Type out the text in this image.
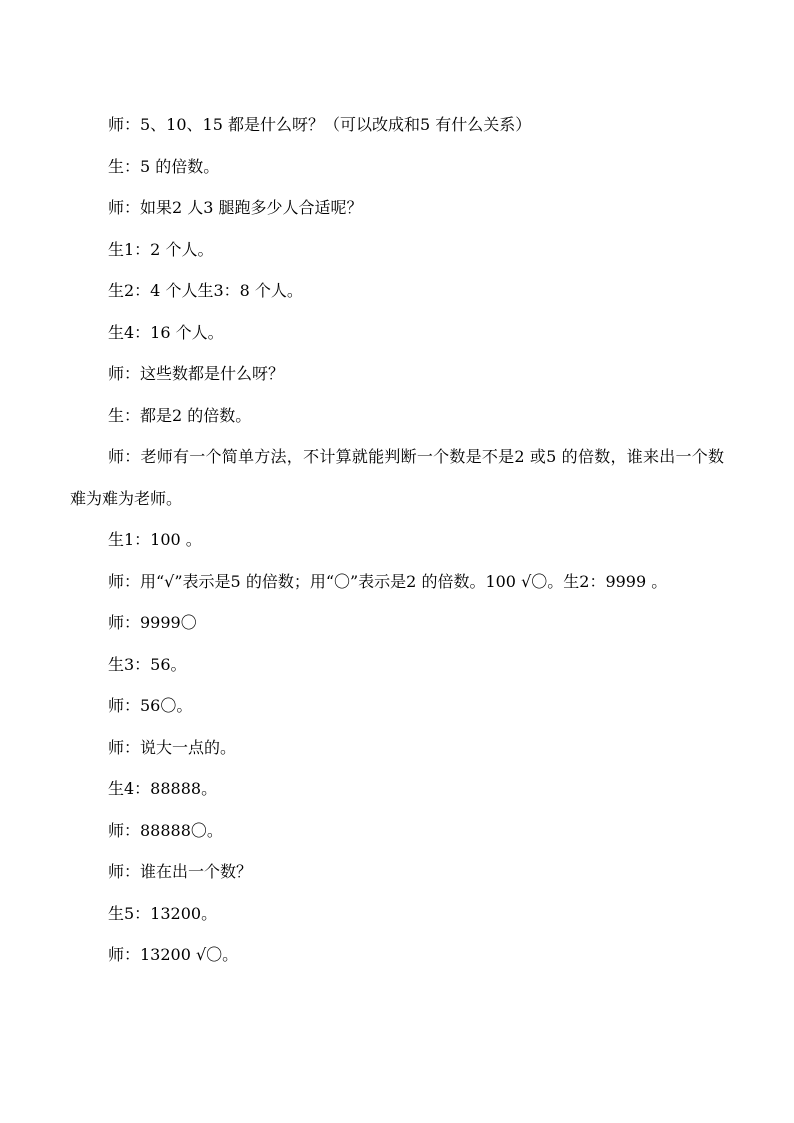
师：5、10、15 都是什么呀？（可以改成和5 有什么关系）

生：5 的倍数。

师：如果2 人3 腿跑多少人合适呢？

生1：2 个人。

生2：4 个人生3：8 个人。

生4：16 个人。

师：这些数都是什么呀？

生：都是2 的倍数。

师：老师有一个简单方法，不计算就能判断一个数是不是2 或5 的倍数，谁来出一个数难为难为老师。

生1：100 。

师：用“√”表示是5 的倍数；用“〇”表示是2 的倍数。100 √〇。生2：9999 。

师：9999〇

生3：56。

师：56〇。

师：说大一点的。

生4：88888。

师：88888〇。

师：谁在出一个数？

生5：13200。

师：13200 √〇。
